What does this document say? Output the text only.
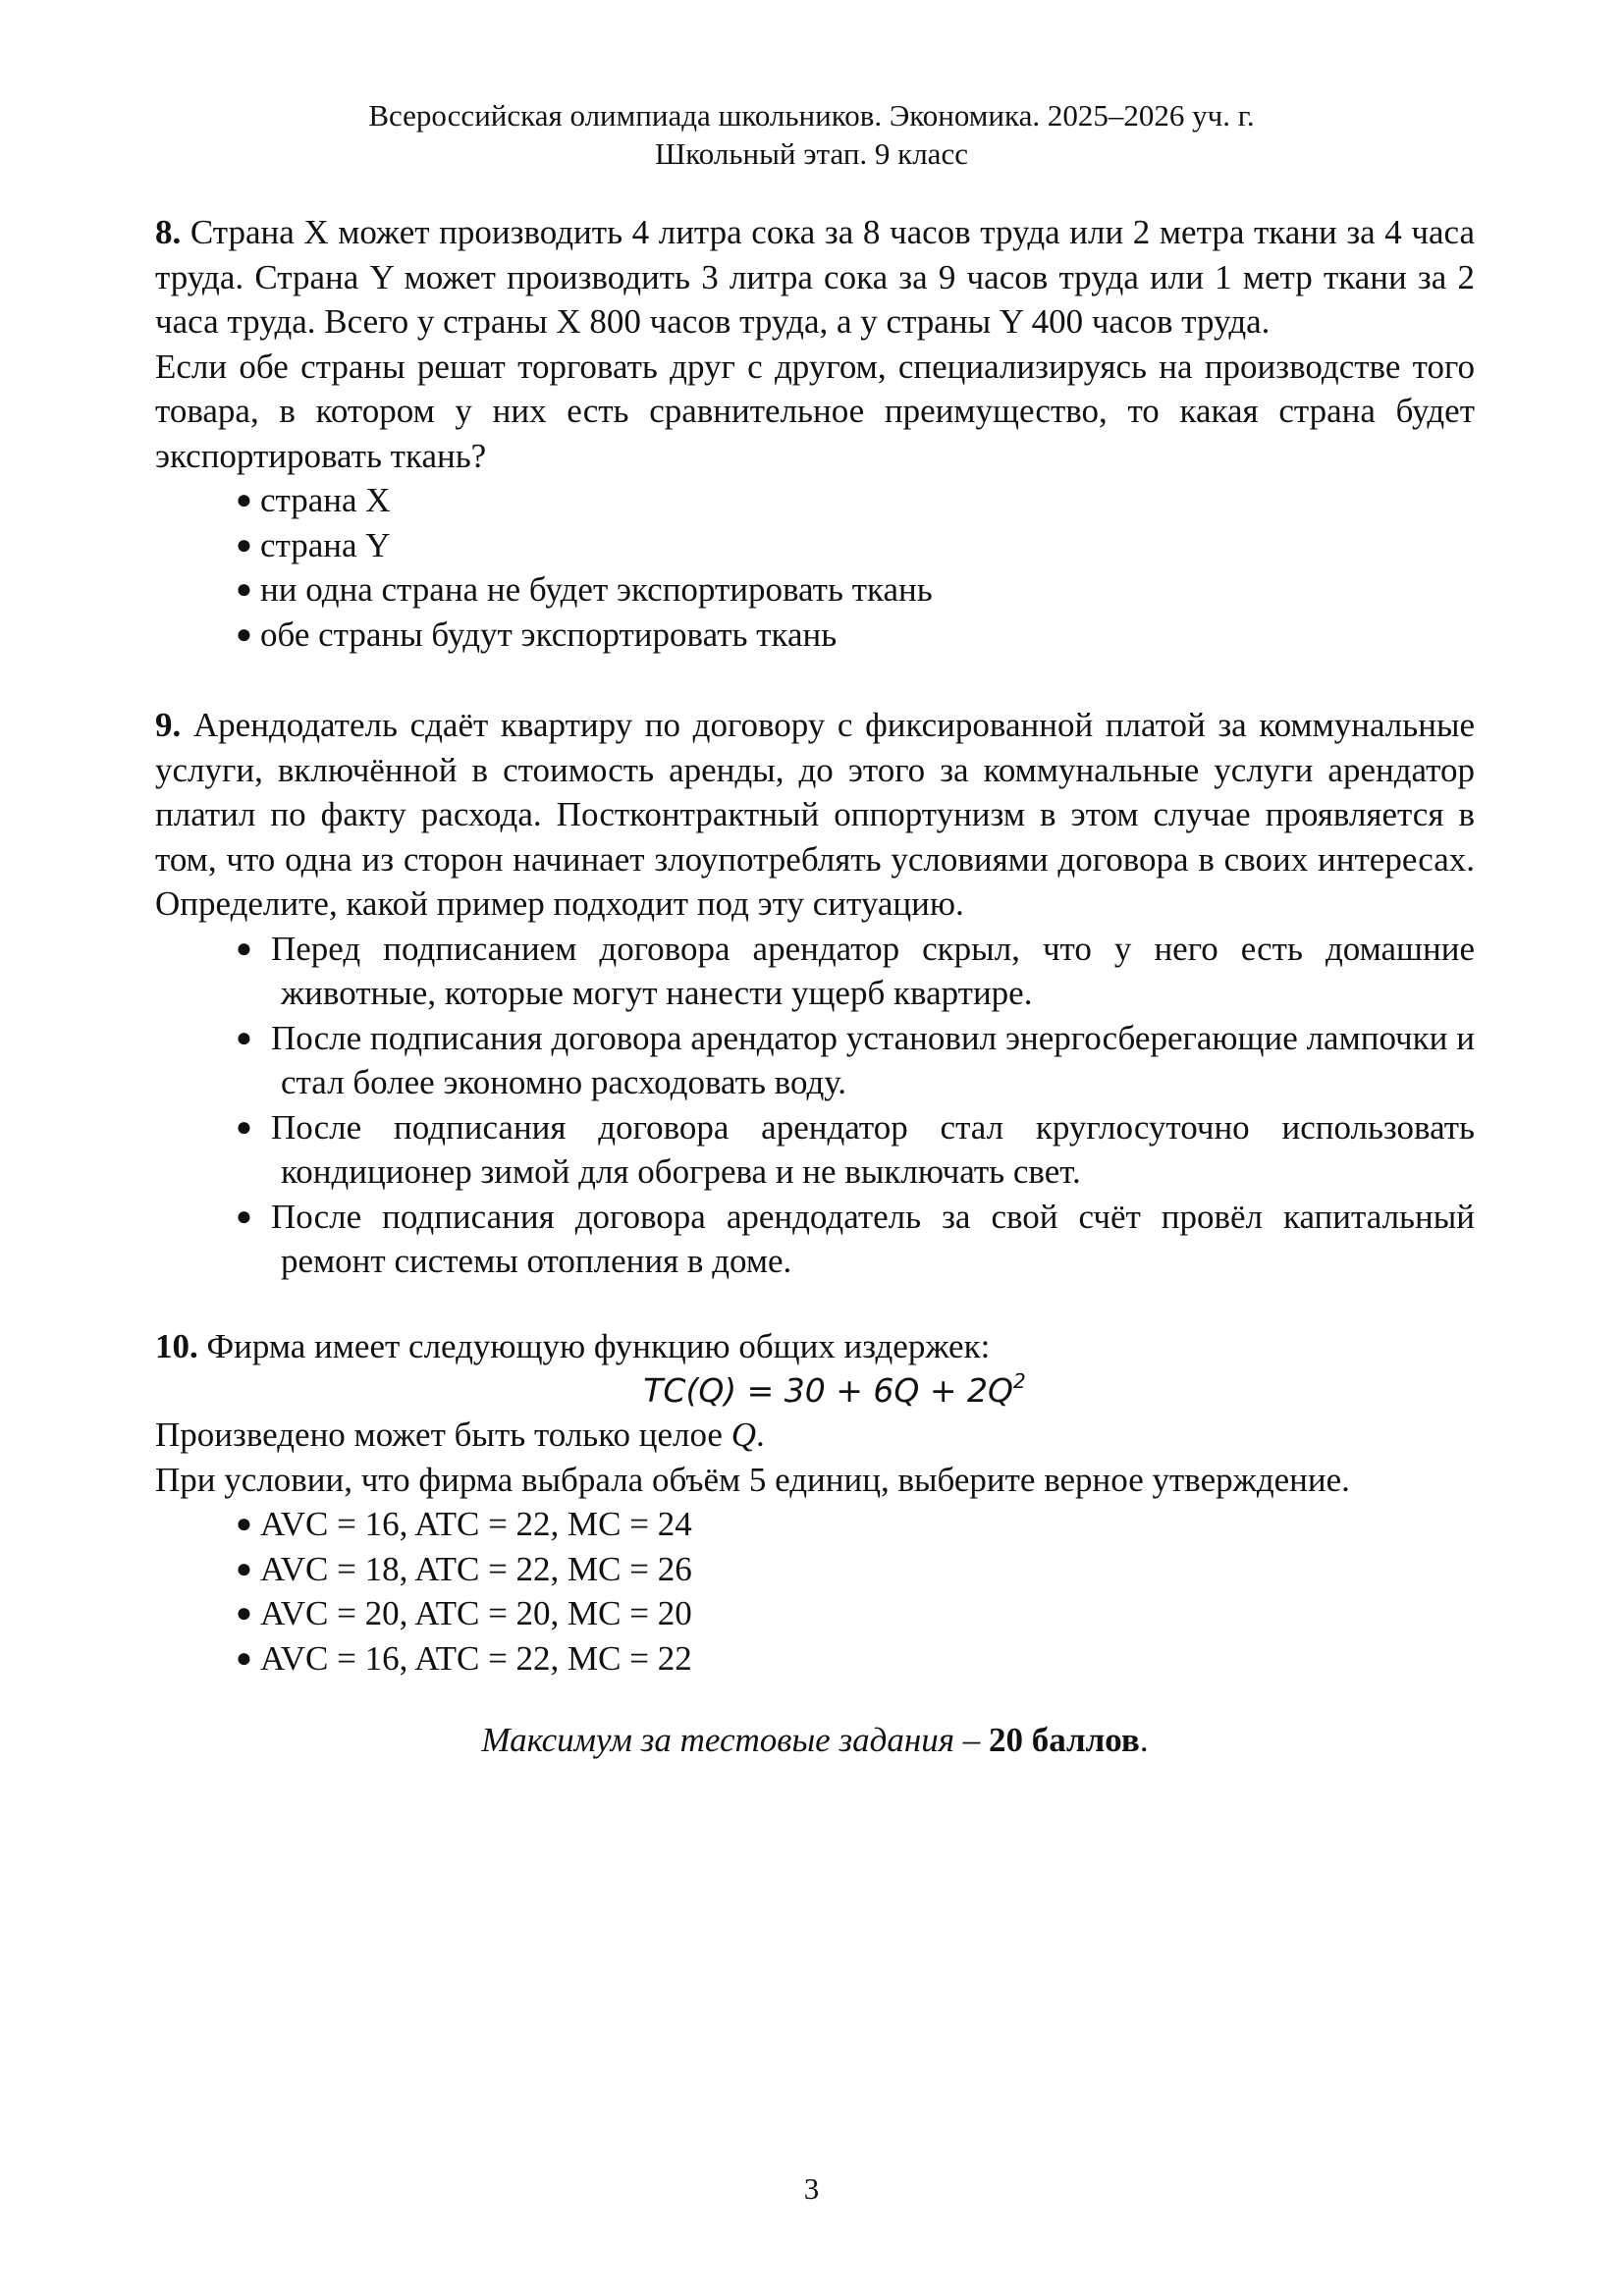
Всероссийская олимпиада школьников. Экономика. 2025–2026 уч. г.
Школьный этап. 9 класс

8. Страна X может производить 4 литра сока за 8 часов труда или 2 метра ткани за 4 часа труда. Страна Y может производить 3 литра сока за 9 часов труда или 1 метр ткани за 2 часа труда. Всего у страны X 800 часов труда, а у страны Y 400 часов труда.

Если обе страны решат торговать друг с другом, специализируясь на производстве того товара, в котором у них есть сравнительное преимущество, то какая страна будет экспортировать ткань?

● страна X
● страна Y
● ни одна страна не будет экспортировать ткань
● обе страны будут экспортировать ткань

9. Арендодатель сдаёт квартиру по договору с фиксированной платой за коммунальные услуги, включённой в стоимость аренды, до этого за коммунальные услуги арендатор платил по факту расхода. Постконтрактный оппортунизм в этом случае проявляется в том, что одна из сторон начинает злоупотреблять условиями договора в своих интересах. Определите, какой пример подходит под эту ситуацию.

● Перед подписанием договора арендатор скрыл, что у него есть домашние животные, которые могут нанести ущерб квартире.
● После подписания договора арендатор установил энергосберегающие лампочки и стал более экономно расходовать воду.
● После подписания договора арендатор стал круглосуточно использовать кондиционер зимой для обогрева и не выключать свет.
● После подписания договора арендодатель за свой счёт провёл капитальный ремонт системы отопления в доме.

10. Фирма имеет следующую функцию общих издержек:

$TC(Q) = 30 + 6Q + 2Q^2$

Произведено может быть только целое Q.

При условии, что фирма выбрала объём 5 единиц, выберите верное утверждение.

● AVC = 16, ATC = 22, MC = 24
● AVC = 18, ATC = 22, MC = 26
● AVC = 20, ATC = 20, MC = 20
● AVC = 16, ATC = 22, MC = 22
Максимум за тестовые задания – 20 баллов.
3
